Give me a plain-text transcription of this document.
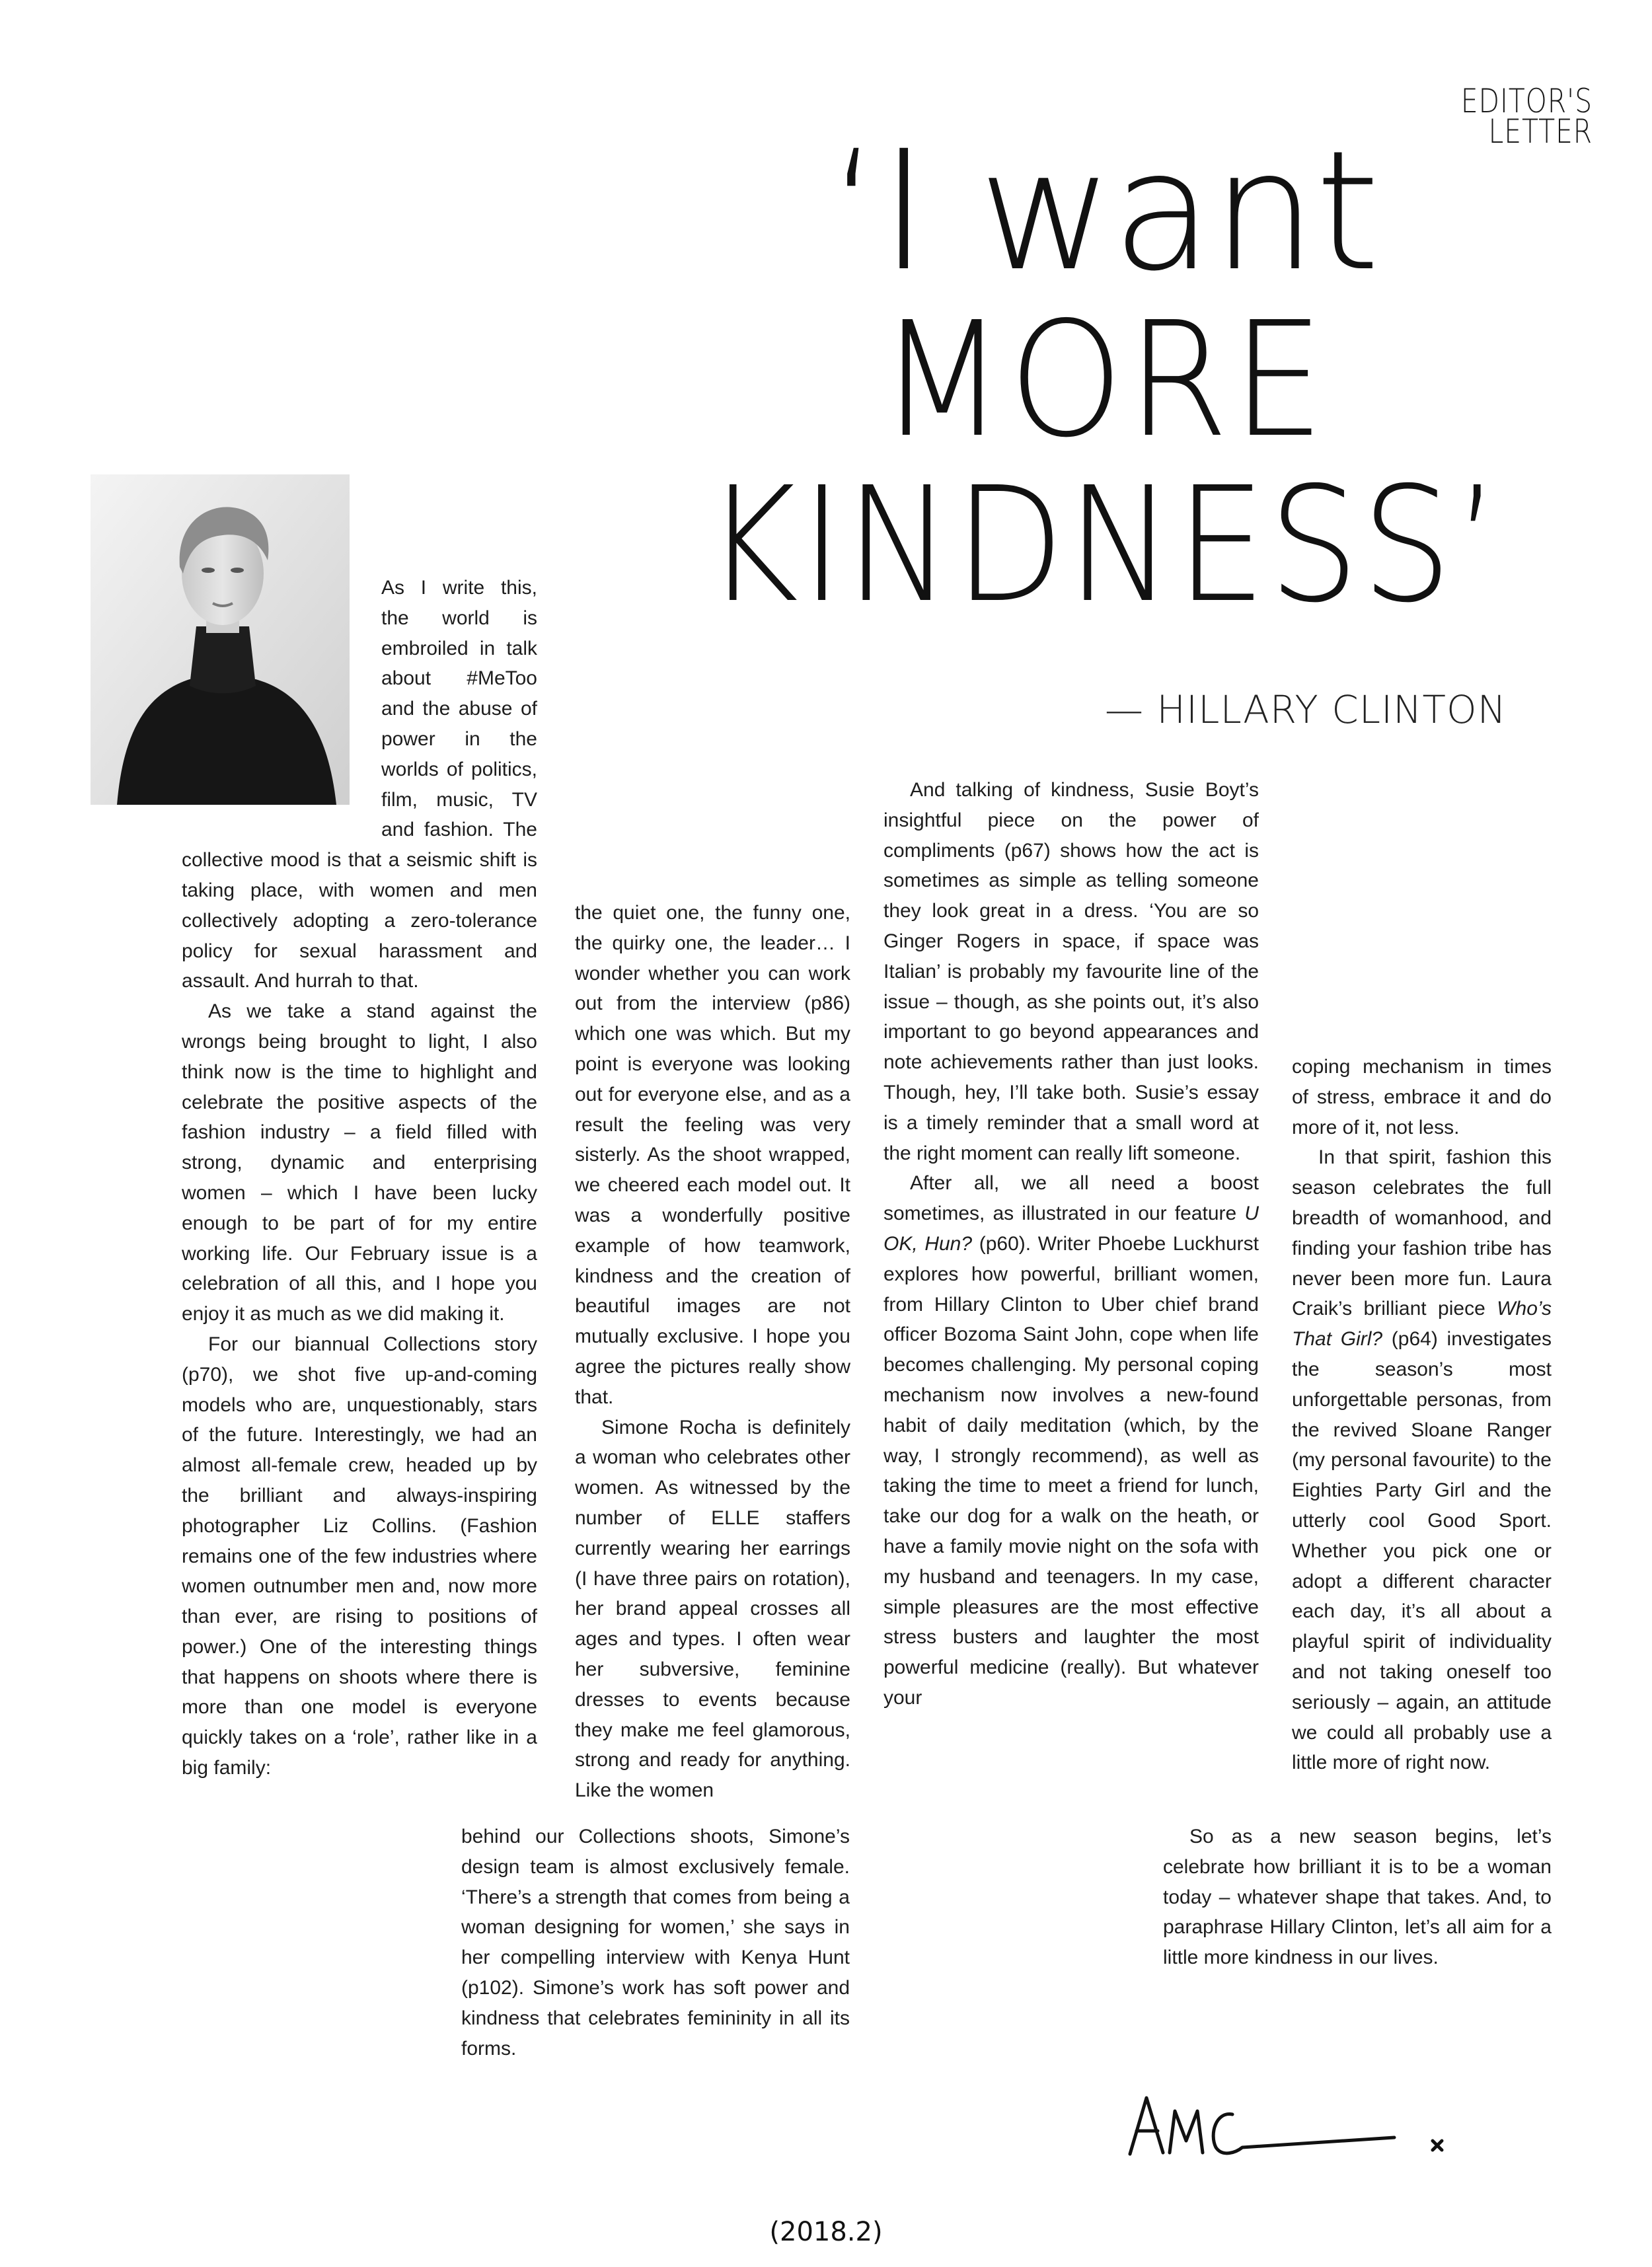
EDITOR'S
LETTER
‘I want
MORE
KINDNESS’
— HILLARY CLINTON

As I write this, the world is embroiled in talk about #MeToo and the abuse of power in the worlds of politics, film, music, TV and fashion. The collective mood is that a seismic shift is taking place, with women and men collectively adopting a zero-tolerance policy for sexual harassment and assault. And hurrah to that.

As we take a stand against the wrongs being brought to light, I also think now is the time to highlight and celebrate the positive aspects of the fashion industry – a field filled with strong, dynamic and enterprising women – which I have been lucky enough to be part of for my entire working life. Our February issue is a celebration of all this, and I hope you enjoy it as much as we did making it.

For our biannual Collections story (p70), we shot five up-and-coming models who are, unquestionably, stars of the future. Interestingly, we had an almost all-female crew, headed up by the brilliant and always-inspiring photographer Liz Collins. (Fashion remains one of the few industries where women outnumber men and, now more than ever, are rising to positions of power.) One of the interesting things that happens on shoots where there is more than one model is everyone quickly takes on a ‘role’, rather like in a big family:

the quiet one, the funny one, the quirky one, the leader… I wonder whether you can work out from the interview (p86) which one was which. But my point is everyone was looking out for everyone else, and as a result the feeling was very sisterly. As the shoot wrapped, we cheered each model out. It was a wonderfully positive example of how teamwork, kindness and the creation of beautiful images are not mutually exclusive. I hope you agree the pictures really show that.

Simone Rocha is definitely a woman who celebrates other women. As witnessed by the number of ELLE staffers currently wearing her earrings (I have three pairs on rotation), her brand appeal crosses all ages and types. I often wear her subversive, feminine dresses to events because they make me feel glamorous, strong and ready for anything. Like the women

behind our Collections shoots, Simone’s design team is almost exclusively female. ‘There’s a strength that comes from being a woman designing for women,’ she says in her compelling interview with Kenya Hunt (p102). Simone’s work has soft power and kindness that celebrates femininity in all its forms.

And talking of kindness, Susie Boyt’s insightful piece on the power of compliments (p67) shows how the act is sometimes as simple as telling someone they look great in a dress. ‘You are so Ginger Rogers in space, if space was Italian’ is probably my favourite line of the issue – though, as she points out, it’s also important to go beyond appearances and note achievements rather than just looks. Though, hey, I’ll take both. Susie’s essay is a timely reminder that a small word at the right moment can really lift someone.

After all, we all need a boost sometimes, as illustrated in our feature U OK, Hun? (p60). Writer Phoebe Luckhurst explores how powerful, brilliant women, from Hillary Clinton to Uber chief brand officer Bozoma Saint John, cope when life becomes challenging. My personal coping mechanism now involves a new-found habit of daily meditation (which, by the way, I strongly recommend), as well as taking the time to meet a friend for lunch, take our dog for a walk on the heath, or have a family movie night on the sofa with my husband and teenagers. In my case, simple pleasures are the most effective stress busters and laughter the most powerful medicine (really). But whatever your

coping mechanism in times of stress, embrace it and do more of it, not less.

In that spirit, fashion this season celebrates the full breadth of womanhood, and finding your fashion tribe has never been more fun. Laura Craik’s brilliant piece Who’s That Girl? (p64) investigates the season’s most unforgettable personas, from the revived Sloane Ranger (my personal favourite) to the Eighties Party Girl and the utterly cool Good Sport. Whether you pick one or adopt a different character each day, it’s all about a playful spirit of individuality and not taking oneself too seriously – again, an attitude we could all probably use a little more of right now.

So as a new season begins, let’s celebrate how brilliant it is to be a woman today – whatever shape that takes. And, to paraphrase Hillary Clinton, let’s all aim for a little more kindness in our lives.

(2018.2)
